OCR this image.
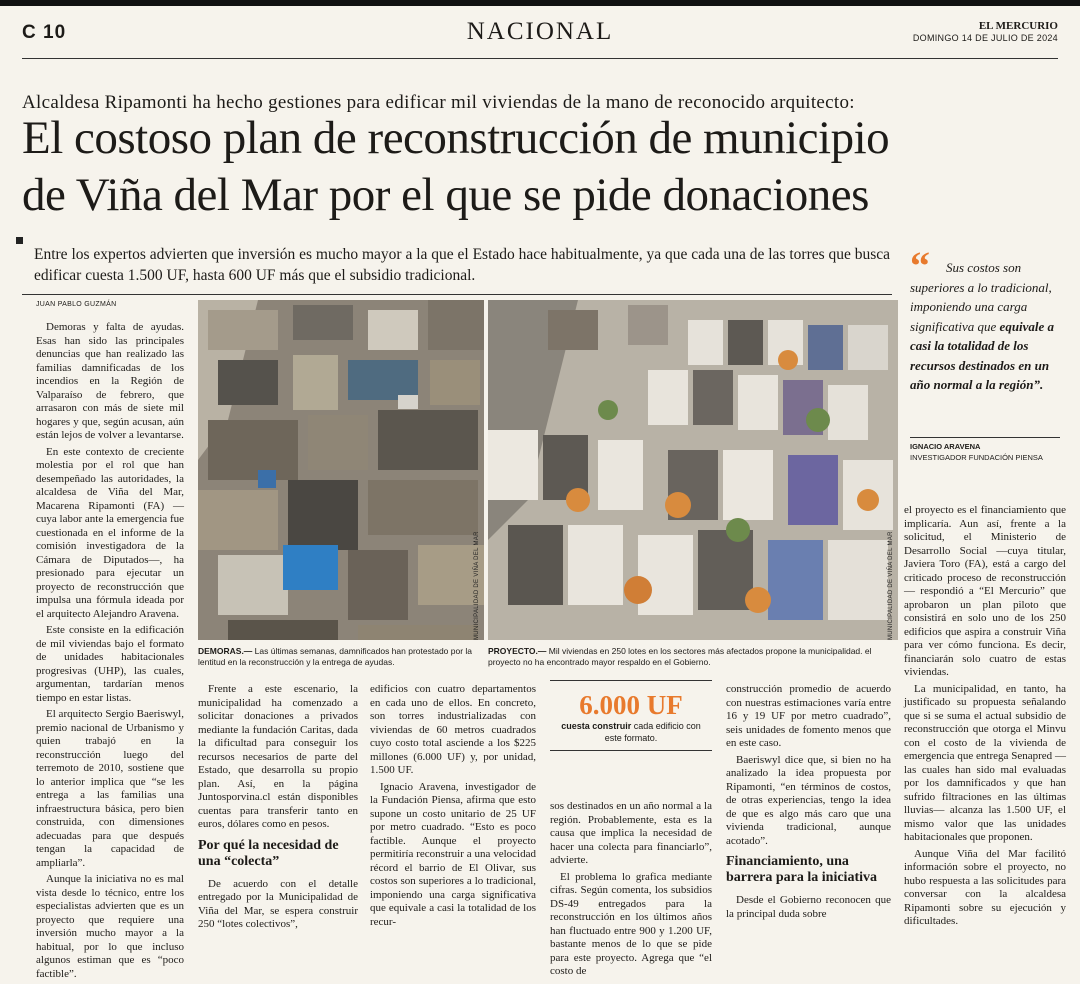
C 10	NACIONAL	EL MERCURIO
DOMINGO 14 DE JULIO DE 2024
Alcaldesa Ripamonti ha hecho gestiones para edificar mil viviendas de la mano de reconocido arquitecto:
El costoso plan de reconstrucción de municipio
de Viña del Mar por el que se pide donaciones
Entre los expertos advierten que inversión es mucho mayor a la que el Estado hace habitualmente, ya que cada una de las torres que busca edificar cuesta 1.500 UF, hasta 600 UF más que el subsidio tradicional.
JUAN PABLO GUZMÁN
MUNICIPALIDAD DE VIÑA DEL MAR
DEMORAS.— Las últimas semanas, damnificados han protestado por la lentitud en la reconstrucción y la entrega de ayudas.
MUNICIPALIDAD DE VIÑA DEL MAR
PROYECTO.— Mil viviendas en 250 lotes en los sectores más afectados propone la municipalidad. el proyecto no ha encontrado mayor respaldo en el Gobierno.
“	Sus costos son superiores a lo tradicional, imponiendo una carga significativa que equivale a casi la totalidad de los recursos destinados en un año normal a la región”.
IGNACIO ARAVENA
INVESTIGADOR FUNDACIÓN PIENSA

Demoras y falta de ayudas. Esas han sido las principales denuncias que han realizado las familias damnificadas de los incendios en la Región de Valparaíso de febrero, que arrasaron con más de siete mil hogares y que, según acusan, aún están lejos de volver a levantarse.

En este contexto de creciente molestia por el rol que han desempeñado las autoridades, la alcaldesa de Viña del Mar, Macarena Ripamonti (FA) —cuya labor ante la emergencia fue cuestionada en el informe de la comisión investigadora de la Cámara de Diputados—, ha presionado para ejecutar un proyecto de reconstrucción que impulsa una fórmula ideada por el arquitecto Alejandro Aravena.

Este consiste en la edificación de mil viviendas bajo el formato de unidades habitacionales progresivas (UHP), las cuales, argumentan, tardarían menos tiempo en estar listas.

El arquitecto Sergio Baeriswyl, premio nacional de Urbanismo y quien trabajó en la reconstrucción luego del terremoto de 2010, sostiene que lo anterior implica que “se les entrega a las familias una infraestructura básica, pero bien construida, con dimensiones adecuadas para que después tengan la capacidad de ampliarla”.

Aunque la iniciativa no es mal vista desde lo técnico, entre los especialistas advierten que es un proyecto que requiere una inversión mucho mayor a la habitual, por lo que incluso algunos estiman que es “poco factible”.

Frente a este escenario, la municipalidad ha comenzado a solicitar donaciones a privados mediante la fundación Caritas, dada la dificultad para conseguir los recursos necesarios de parte del Estado, que desarrolla su propio plan. Así, en la página Juntosporvina.cl están disponibles cuentas para transferir tanto en euros, dólares como en pesos.

Por qué la necesidad de una “colecta”

De acuerdo con el detalle entregado por la Municipalidad de Viña del Mar, se espera construir 250 “lotes colectivos”,

edificios con cuatro departamentos en cada uno de ellos. En concreto, son torres industrializadas con viviendas de 60 metros cuadrados cuyo costo total asciende a los $225 millones (6.000 UF) y, por unidad, 1.500 UF.

Ignacio Aravena, investigador de la Fundación Piensa, afirma que esto supone un costo unitario de 25 UF por metro cuadrado. “Esto es poco factible. Aunque el proyecto permitiría reconstruir a una velocidad récord el barrio de El Olivar, sus costos son superiores a lo tradicional, imponiendo una carga significativa que equivale a casi la totalidad de los recur-

6.000 UF
cuesta construir cada edificio con este formato.

sos destinados en un año normal a la región. Probablemente, esta es la causa que implica la necesidad de hacer una colecta para financiarlo”, advierte.

El problema lo grafica mediante cifras. Según comenta, los subsidios DS-49 entregados para la reconstrucción en los últimos años han fluctuado entre 900 y 1.200 UF, bastante menos de lo que se pide para este proyecto. Agrega que “el costo de

construcción promedio de acuerdo con nuestras estimaciones varía entre 16 y 19 UF por metro cuadrado”, seis unidades de fomento menos que en este caso.

Baeriswyl dice que, si bien no ha analizado la idea propuesta por Ripamonti, “en términos de costos, de otras experiencias, tengo la idea de que es algo más caro que una vivienda tradicional, aunque acotado”.

Financiamiento, una barrera para la iniciativa

Desde el Gobierno reconocen que la principal duda sobre

el proyecto es el financiamiento que implicaría. Aun así, frente a la solicitud, el Ministerio de Desarrollo Social —cuya titular, Javiera Toro (FA), está a cargo del criticado proceso de reconstrucción— respondió a “El Mercurio” que aprobaron un plan piloto que consistirá en solo uno de los 250 edificios que aspira a construir Viña para ver cómo funciona. Es decir, financiarán solo cuatro de estas viviendas.

La municipalidad, en tanto, ha justificado su propuesta señalando que si se suma el actual subsidio de reconstrucción que otorga el Minvu con el costo de la vivienda de emergencia que entrega Senapred —las cuales han sido mal evaluadas por los damnificados y que han sufrido filtraciones en las últimas lluvias— alcanza las 1.500 UF, el mismo valor que las unidades habitacionales que proponen.

Aunque Viña del Mar facilitó información sobre el proyecto, no hubo respuesta a las solicitudes para conversar con la alcaldesa Ripamonti sobre su ejecución y dificultades.
